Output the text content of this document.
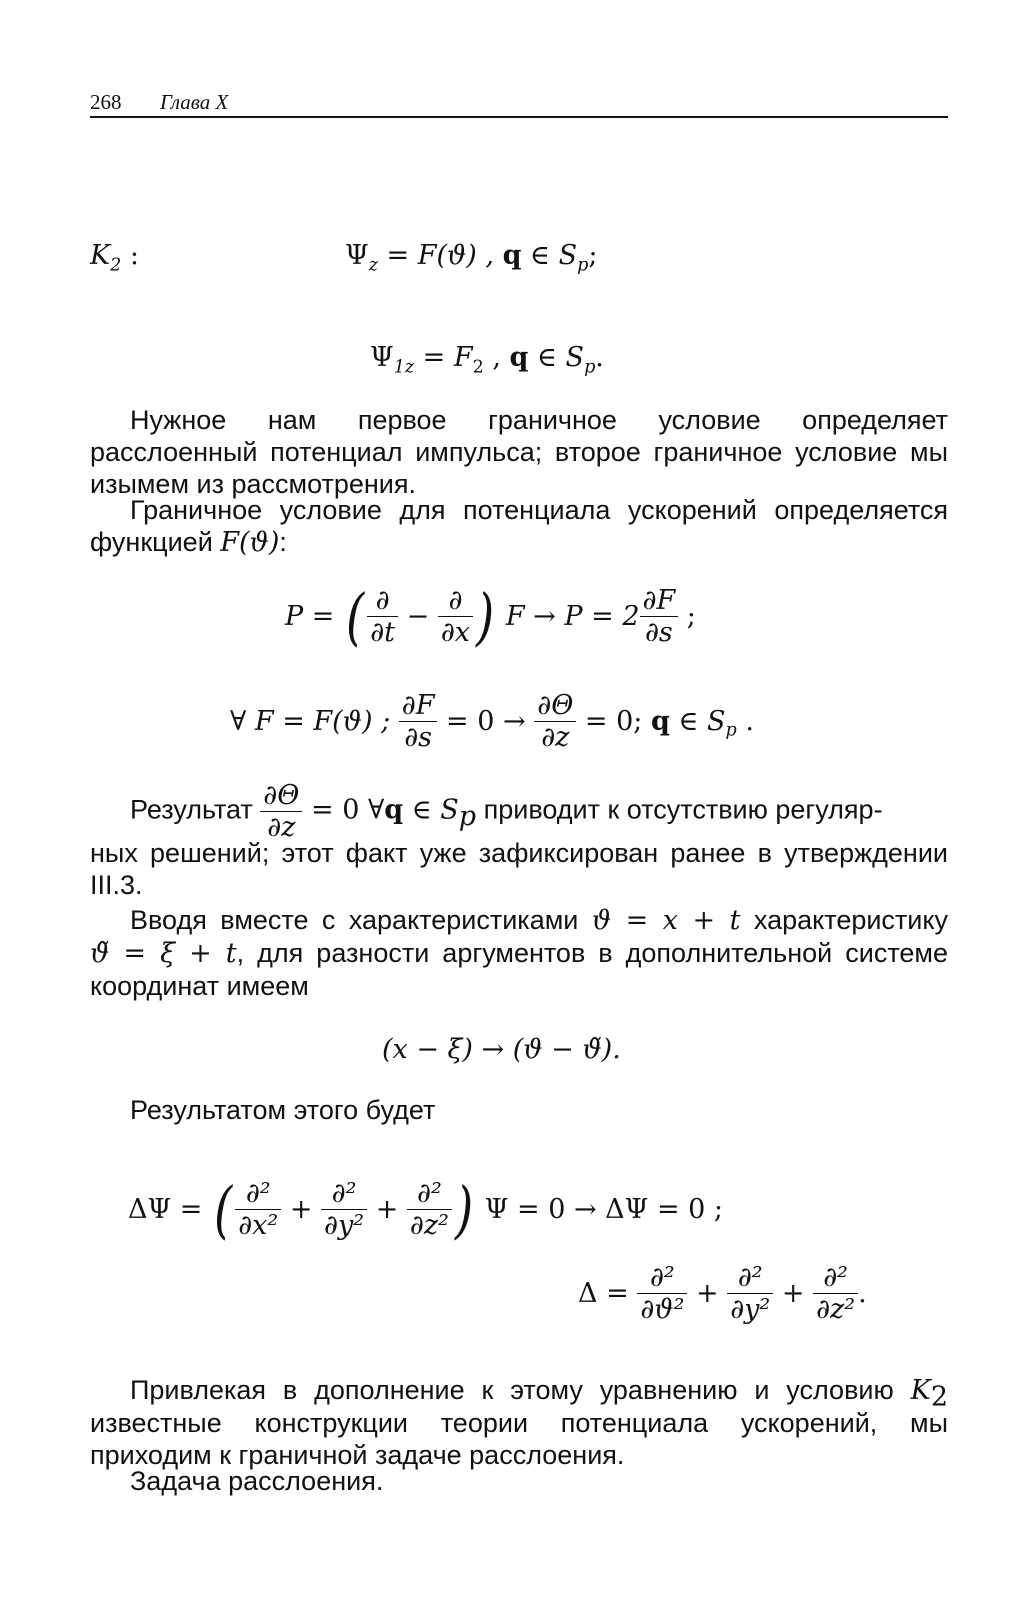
268 Глава X
$K_2$ :	$\Psi_z = F(ϑ)$ , q ∈ $S_p$;
$\Psi_{1z} = F_2$ , q ∈ $S_p$.
Нужное нам первое граничное условие определяет расслоенный потенциал импульса; второе граничное условие мы изымем из рассмотрения.
Граничное условие для потенциала ускорений определяется функцией F(ϑ):
P = ( $\frac{\partial}{\partial t} - \frac{\partial}{\partial x}$ ) $F \to P = 2 \frac{\partial F}{\partial s}$ ;
∀ F = F(ϑ) ; $\frac{\partial F}{\partial s} = 0 \to \frac{\partial\Theta}{\partial z} = 0$; q ∈ $S_p$ .
Результат $\frac{\partial\Theta}{\partial z} = 0$ ∀q ∈ $S_p$ приводит к отсутствию регуляр-
ных решений; этот факт уже зафиксирован ранее в утверждении III.3.
Вводя вместе с характеристиками ϑ = x + t характеристику ϑ̃ = ξ + t, для разности аргументов в дополнительной системе координат имеем
(x − ξ) → (ϑ − ϑ̃).
Результатом этого будет
ΔΨ = ( $\frac{\text{∂²}}{\text{∂x²}} + \frac{\text{∂²}}{\text{∂y²}} + \frac{\text{∂²}}{\text{∂z²}}$ ) Ψ = 0 → ΔΨ = 0 ;
$\Delta = \frac{\text{∂²}}{\text{∂ϑ²}} + \frac{\text{∂²}}{\text{∂y²}} + \frac{\text{∂²}}{\text{∂z²}}$ .
Привлекая в дополнение к этому уравнению и условию $K_2$ известные конструкции теории потенциала ускорений, мы приходим к граничной задаче расслоения.
Задача расслоения.
